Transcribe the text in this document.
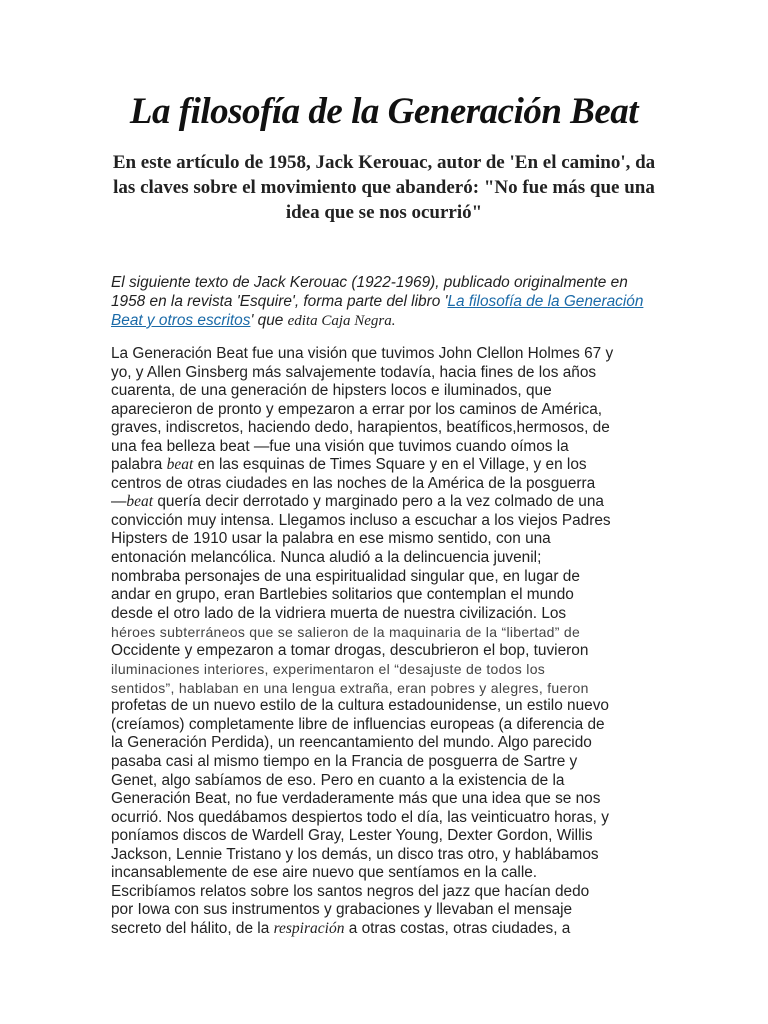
La filosofía de la Generación Beat
En este artículo de 1958, Jack Kerouac, autor de 'En el camino', da las claves sobre el movimiento que abanderó: "No fue más que una idea que se nos ocurrió"

El siguiente texto de Jack Kerouac (1922-1969), publicado originalmente en 1958 en la revista 'Esquire', forma parte del libro 'La filosofía de la Generación Beat y otros escritos' que edita Caja Negra.

La Generación Beat fue una visión que tuvimos John Clellon Holmes 67 y
yo, y Allen Ginsberg más salvajemente todavía, hacia fines de los años
cuarenta, de una generación de hipsters locos e iluminados, que
aparecieron de pronto y empezaron a errar por los caminos de América,
graves, indiscretos, haciendo dedo, harapientos, beatíficos,hermosos, de
una fea belleza beat —fue una visión que tuvimos cuando oímos la
palabra beat en las esquinas de Times Square y en el Village, y en los
centros de otras ciudades en las noches de la América de la posguerra
—beat quería decir derrotado y marginado pero a la vez colmado de una
convicción muy intensa. Llegamos incluso a escuchar a los viejos Padres
Hipsters de 1910 usar la palabra en ese mismo sentido, con una
entonación melancólica. Nunca aludió a la delincuencia juvenil;
nombraba personajes de una espiritualidad singular que, en lugar de
andar en grupo, eran Bartlebies solitarios que contemplan el mundo
desde el otro lado de la vidriera muerta de nuestra civilización. Los
héroes subterráneos que se salieron de la maquinaria de la “libertad” de
Occidente y empezaron a tomar drogas, descubrieron el bop, tuvieron
iluminaciones interiores, experimentaron el “desajuste de todos los
sentidos”, hablaban en una lengua extraña, eran pobres y alegres, fueron
profetas de un nuevo estilo de la cultura estadounidense, un estilo nuevo
(creíamos) completamente libre de influencias europeas (a diferencia de
la Generación Perdida), un reencantamiento del mundo. Algo parecido
pasaba casi al mismo tiempo en la Francia de posguerra de Sartre y
Genet, algo sabíamos de eso. Pero en cuanto a la existencia de la
Generación Beat, no fue verdaderamente más que una idea que se nos
ocurrió. Nos quedábamos despiertos todo el día, las veinticuatro horas, y
poníamos discos de Wardell Gray, Lester Young, Dexter Gordon, Willis
Jackson, Lennie Tristano y los demás, un disco tras otro, y hablábamos
incansablemente de ese aire nuevo que sentíamos en la calle.
Escribíamos relatos sobre los santos negros del jazz que hacían dedo
por Iowa con sus instrumentos y grabaciones y llevaban el mensaje
secreto del hálito, de la respiración a otras costas, otras ciudades, a
